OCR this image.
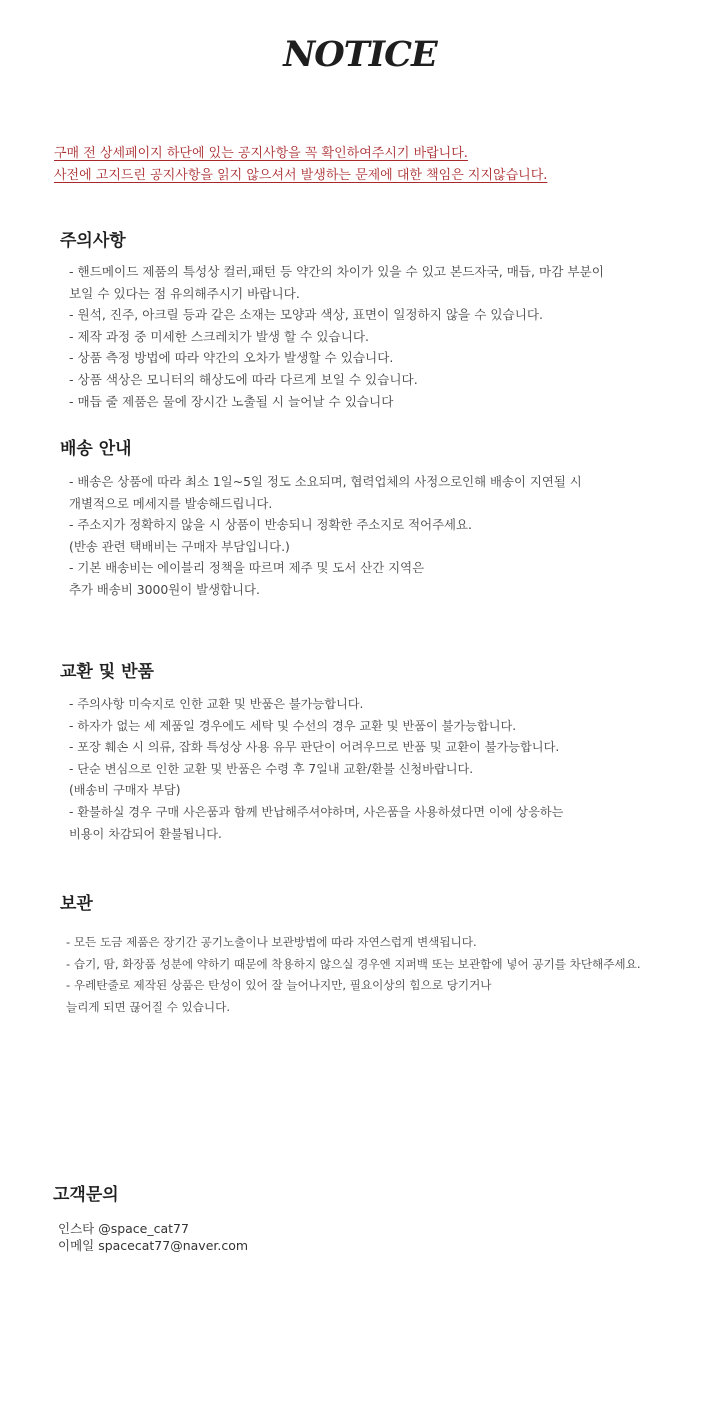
NOTICE
구매 전 상세페이지 하단에 있는 공지사항을 꼭 확인하여주시기 바랍니다.
사전에 고지드린 공지사항을 읽지 않으셔서 발생하는 문제에 대한 책임은 지지않습니다.
주의사항
- 핸드메이드 제품의 특성상 컬러,패턴 등 약간의 차이가 있을 수 있고 본드자국, 매듭, 마감 부분이
보일 수 있다는 점 유의해주시기 바랍니다.
- 원석, 진주, 아크릴 등과 같은 소재는 모양과 색상, 표면이 일정하지 않을 수 있습니다.
- 제작 과정 중 미세한 스크레치가 발생 할 수 있습니다.
- 상품 측정 방법에 따라 약간의 오차가 발생할 수 있습니다.
- 상품 색상은 모니터의 해상도에 따라 다르게 보일 수 있습니다.
- 매듭 줄 제품은 물에 장시간 노출될 시 늘어날 수 있습니다
배송 안내
- 배송은 상품에 따라 최소 1일~5일 정도 소요되며, 협력업체의 사정으로인해 배송이 지연될 시
개별적으로 메세지를 발송해드립니다.
- 주소지가 정확하지 않을 시 상품이 반송되니 정확한 주소지로 적어주세요.
(반송 관련 택배비는 구매자 부담입니다.)
- 기본 배송비는 에이블리 정책을 따르며 제주 및 도서 산간 지역은
추가 배송비 3000원이 발생합니다.
교환 및 반품
- 주의사항 미숙지로 인한 교환 및 반품은 불가능합니다.
- 하자가 없는 세 제품일 경우에도 세탁 및 수선의 경우 교환 및 반품이 불가능합니다.
- 포장 훼손 시 의류, 잡화 특성상 사용 유무 판단이 어려우므로 반품 및 교환이 불가능합니다.
- 단순 변심으로 인한 교환 및 반품은 수령 후 7일내 교환/환불 신청바랍니다.
(배송비 구매자 부담)
- 환불하실 경우 구매 사은품과 함께 반납해주셔야하며, 사은품을 사용하셨다면 이에 상응하는
비용이 차감되어 환불됩니다.
보관
- 모든 도금 제품은 장기간 공기노출이나 보관방법에 따라 자연스럽게 변색됩니다.
- 습기, 땀, 화장품 성분에 약하기 때문에 착용하지 않으실 경우엔 지퍼백 또는 보관함에 넣어 공기를 차단해주세요.
- 우레탄줄로 제작된 상품은 탄성이 있어 잘 늘어나지만, 필요이상의 힘으로 당기거나
늘리게 되면 끊어질 수 있습니다.
고객문의
인스타 @space_cat77
이메일 spacecat77@naver.com
